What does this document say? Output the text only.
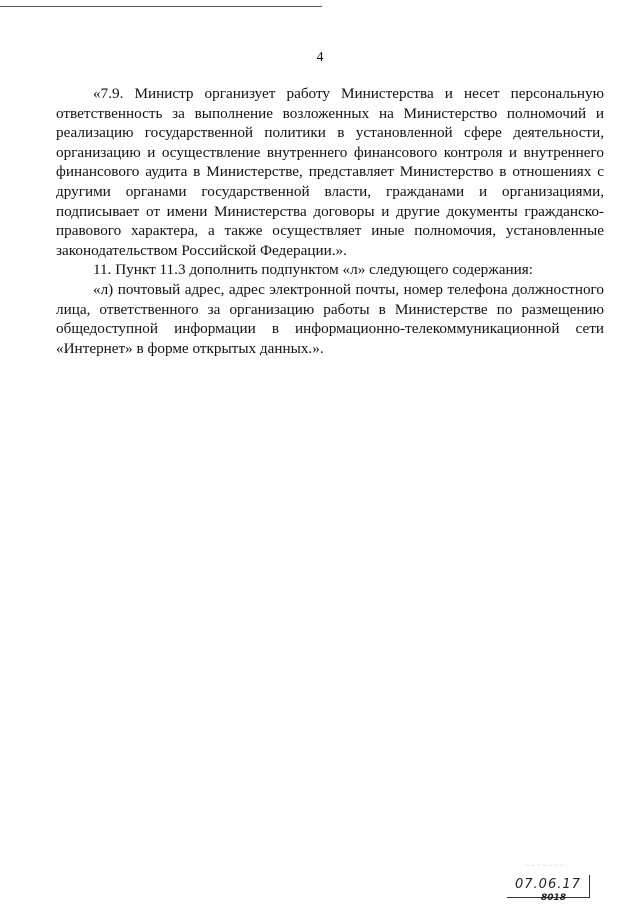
4

«7.9. Министр организует работу Министерства и несет персональную ответственность за выполнение возложенных на Министерство полномочий и реализацию государственной политики в установленной сфере деятельности, организацию и осуществление внутреннего финансового контроля и внутреннего финансового аудита в Министерстве, представляет Министерство в отношениях с другими органами государственной власти, гражданами и организациями, подписывает от имени Министерства договоры и другие документы гражданско-правового характера, а также осуществляет иные полномочия, установленные законодательством Российской Федерации.».

11. Пункт 11.3 дополнить подпунктом «л» следующего содержания:

«л) почтовый адрес, адрес электронной почты, номер телефона должностного лица, ответственного за организацию работы в Министерстве по размещению общедоступной информации в информационно-телекоммуникационной сети «Интернет» в форме открытых данных.».

~~~~~~~
07.06.17
8018
